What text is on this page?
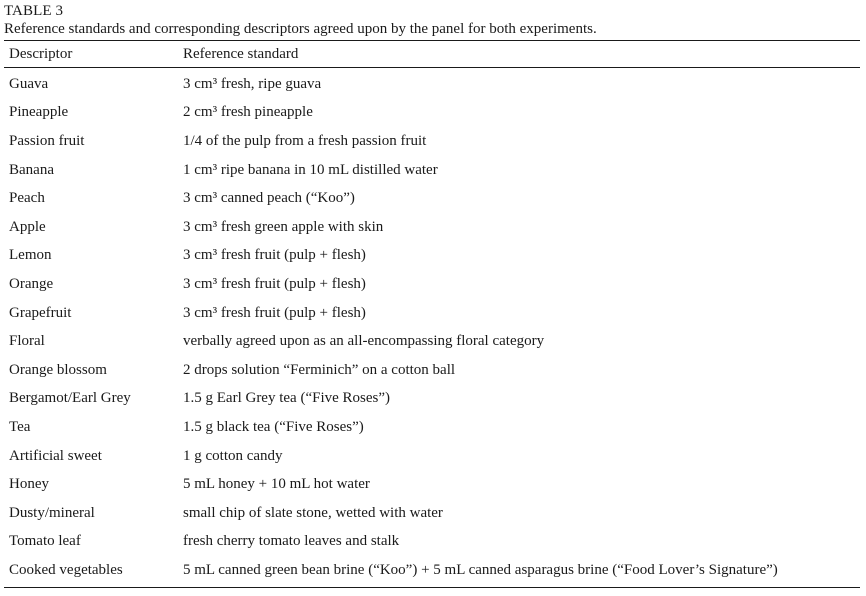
TABLE 3
Reference standards and corresponding descriptors agreed upon by the panel for both experiments.
Descriptor	Reference standard
Guava	3 cm³ fresh, ripe guava
Pineapple	2 cm³ fresh pineapple
Passion fruit	1/4 of the pulp from a fresh passion fruit
Banana	1 cm³ ripe banana in 10 mL distilled water
Peach	3 cm³ canned peach (“Koo”)
Apple	3 cm³ fresh green apple with skin
Lemon	3 cm³ fresh fruit (pulp + flesh)
Orange	3 cm³ fresh fruit (pulp + flesh)
Grapefruit	3 cm³ fresh fruit (pulp + flesh)
Floral	verbally agreed upon as an all-encompassing floral category
Orange blossom	2 drops solution “Ferminich” on a cotton ball
Bergamot/Earl Grey	1.5 g Earl Grey tea (“Five Roses”)
Tea	1.5 g black tea (“Five Roses”)
Artificial sweet	1 g cotton candy
Honey	5 mL honey + 10 mL hot water
Dusty/mineral	small chip of slate stone, wetted with water
Tomato leaf	fresh cherry tomato leaves and stalk
Cooked vegetables	5 mL canned green bean brine (“Koo”) + 5 mL canned asparagus brine (“Food Lover’s Signature”)
